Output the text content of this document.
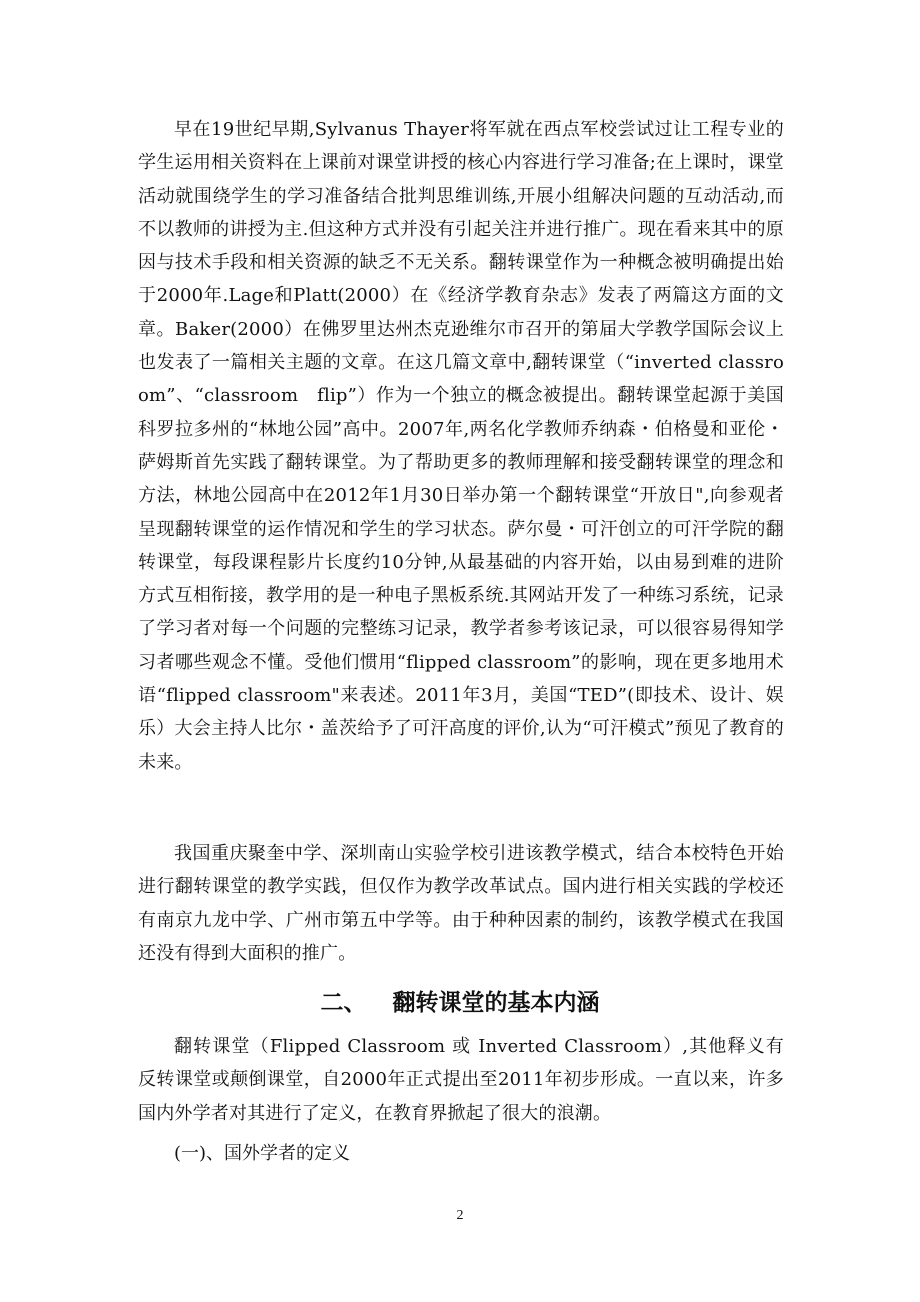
早在19世纪早期,Sylvanus Thayer将军就在西点军校尝试过让工程专业的学生运用相关资料在上课前对课堂讲授的核心内容进行学习准备;在上课时，课堂活动就围绕学生的学习准备结合批判思维训练,开展小组解决问题的互动活动,而不以教师的讲授为主.但这种方式并没有引起关注并进行推广。现在看来其中的原因与技术手段和相关资源的缺乏不无关系。翻转课堂作为一种概念被明确提出始于2000年.Lage和Platt(2000）在《经济学教育杂志》发表了两篇这方面的文章。Baker(2000）在佛罗里达州杰克逊维尔市召开的第届大学教学国际会议上也发表了一篇相关主题的文章。在这几篇文章中,翻转课堂（“inverted classroom”、“classroom　flip”）作为一个独立的概念被提出。翻转课堂起源于美国科罗拉多州的“林地公园”高中。2007年,两名化学教师乔纳森・伯格曼和亚伦・萨姆斯首先实践了翻转课堂。为了帮助更多的教师理解和接受翻转课堂的理念和方法，林地公园高中在2012年1月30日举办第一个翻转课堂“开放日",向参观者呈现翻转课堂的运作情况和学生的学习状态。萨尔曼・可汗创立的可汗学院的翻转课堂，每段课程影片长度约10分钟,从最基础的内容开始，以由易到难的进阶方式互相衔接，教学用的是一种电子黑板系统.其网站开发了一种练习系统，记录了学习者对每一个问题的完整练习记录，教学者参考该记录，可以很容易得知学习者哪些观念不懂。受他们惯用“flipped classroom”的影响，现在更多地用术语“flipped classroom"来表述。2011年3月，美国“TED”(即技术、设计、娱乐）大会主持人比尔・盖茨给予了可汗高度的评价,认为“可汗模式”预见了教育的未来。

我国重庆聚奎中学、深圳南山实验学校引进该教学模式，结合本校特色开始进行翻转课堂的教学实践，但仅作为教学改革试点。国内进行相关实践的学校还有南京九龙中学、广州市第五中学等。由于种种因素的制约，该教学模式在我国还没有得到大面积的推广。

二、 翻转课堂的基本内涵

翻转课堂（Flipped Classroom 或 Inverted Classroom）,其他释义有反转课堂或颠倒课堂，自2000年正式提出至2011年初步形成。一直以来，许多国内外学者对其进行了定义，在教育界掀起了很大的浪潮。

(一)、国外学者的定义

2
